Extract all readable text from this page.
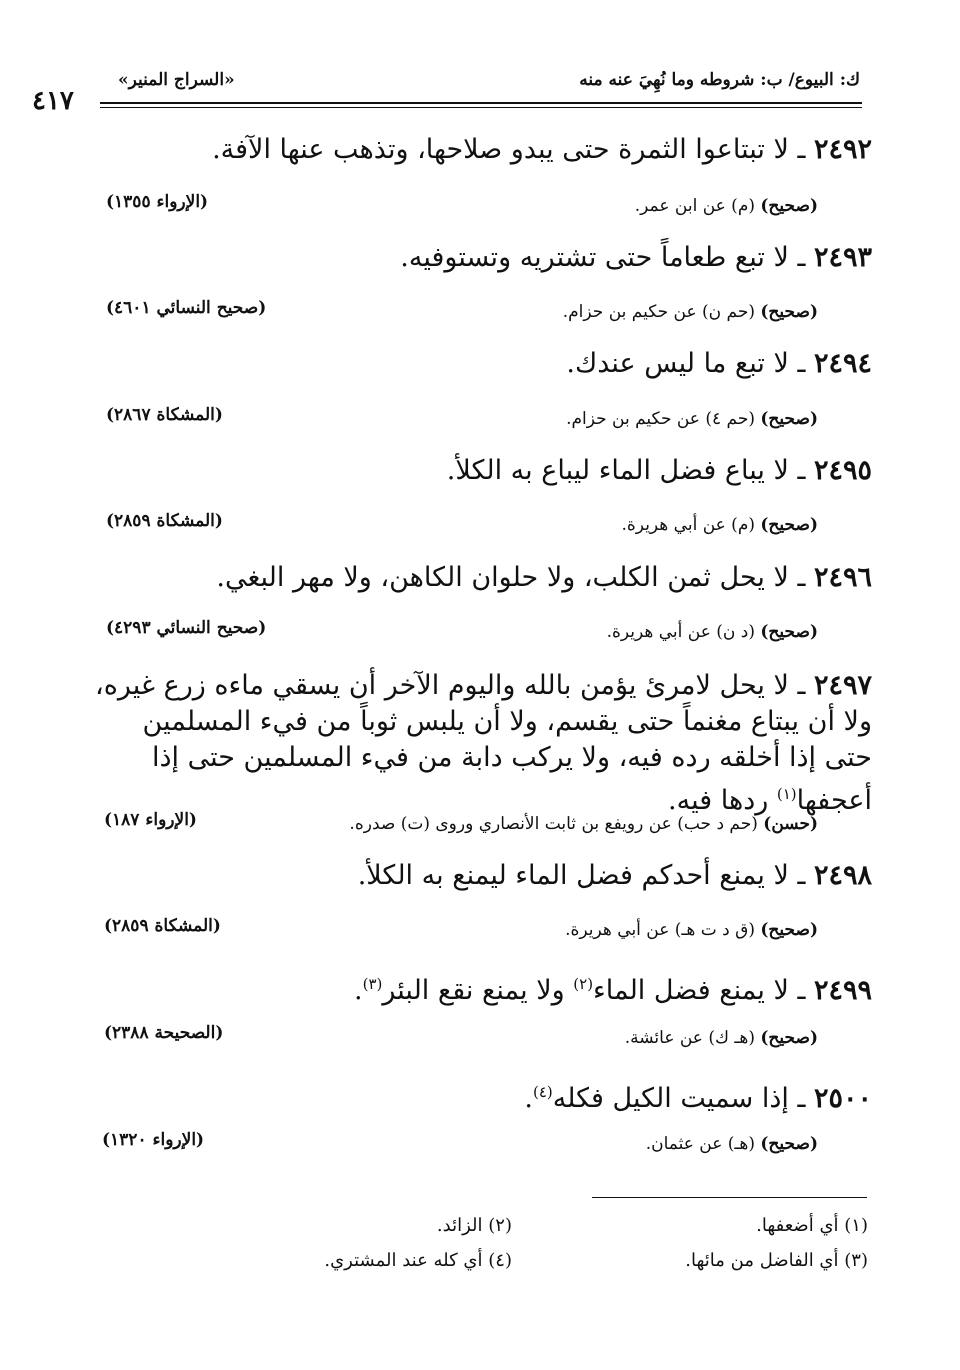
ك: البيوع/ ب: شروطه وما نُهِيَ عنه منه
«السراج المنير»
٤١٧
٢٤٩٢ ـ لا تبتاعوا الثمرة حتى يبدو صلاحها، وتذهب عنها الآفة.
(صحيح) (م) عن ابن عمر.
(الإرواء ١٣٥٥)
٢٤٩٣ ـ لا تبع طعاماً حتى تشتريه وتستوفيه.
(صحيح) (حم ن) عن حكيم بن حزام.
(صحيح النسائي ٤٦٠١)
٢٤٩٤ ـ لا تبع ما ليس عندك.
(صحيح) (حم ٤) عن حكيم بن حزام.
(المشكاة ٢٨٦٧)
٢٤٩٥ ـ لا يباع فضل الماء ليباع به الكلأ.
(صحيح) (م) عن أبي هريرة.
(المشكاة ٢٨٥٩)
٢٤٩٦ ـ لا يحل ثمن الكلب، ولا حلوان الكاهن، ولا مهر البغي.
(صحيح) (د ن) عن أبي هريرة.
(صحيح النسائي ٤٢٩٣)
٢٤٩٧ ـ لا يحل لامرئ يؤمن بالله واليوم الآخر أن يسقي ماءه زرع غيره، ولا أن يبتاع مغنماً حتى يقسم، ولا أن يلبس ثوباً من فيء المسلمين حتى إذا أخلقه رده فيه، ولا يركب دابة من فيء المسلمين حتى إذا أعجفها$^{(١)}$ ردها فيه.
(حسن) (حم د حب) عن رويفع بن ثابت الأنصاري وروى (ت) صدره.
(الإرواء ١٨٧)
٢٤٩٨ ـ لا يمنع أحدكم فضل الماء ليمنع به الكلأ.
(صحيح) (ق د ت هـ) عن أبي هريرة.
(المشكاة ٢٨٥٩)
٢٤٩٩ ـ لا يمنع فضل الماء$^{(٢)}$ ولا يمنع نقع البئر$^{(٣)}$.
(صحيح) (هـ ك) عن عائشة.
(الصحيحة ٢٣٨٨)
٢٥٠٠ ـ إذا سميت الكيل فكله$^{(٤)}$.
(صحيح) (هـ) عن عثمان.
(الإرواء ١٣٢٠)
(١) أي أضعفها.
(٢) الزائد.
(٣) أي الفاضل من مائها.
(٤) أي كله عند المشتري.
